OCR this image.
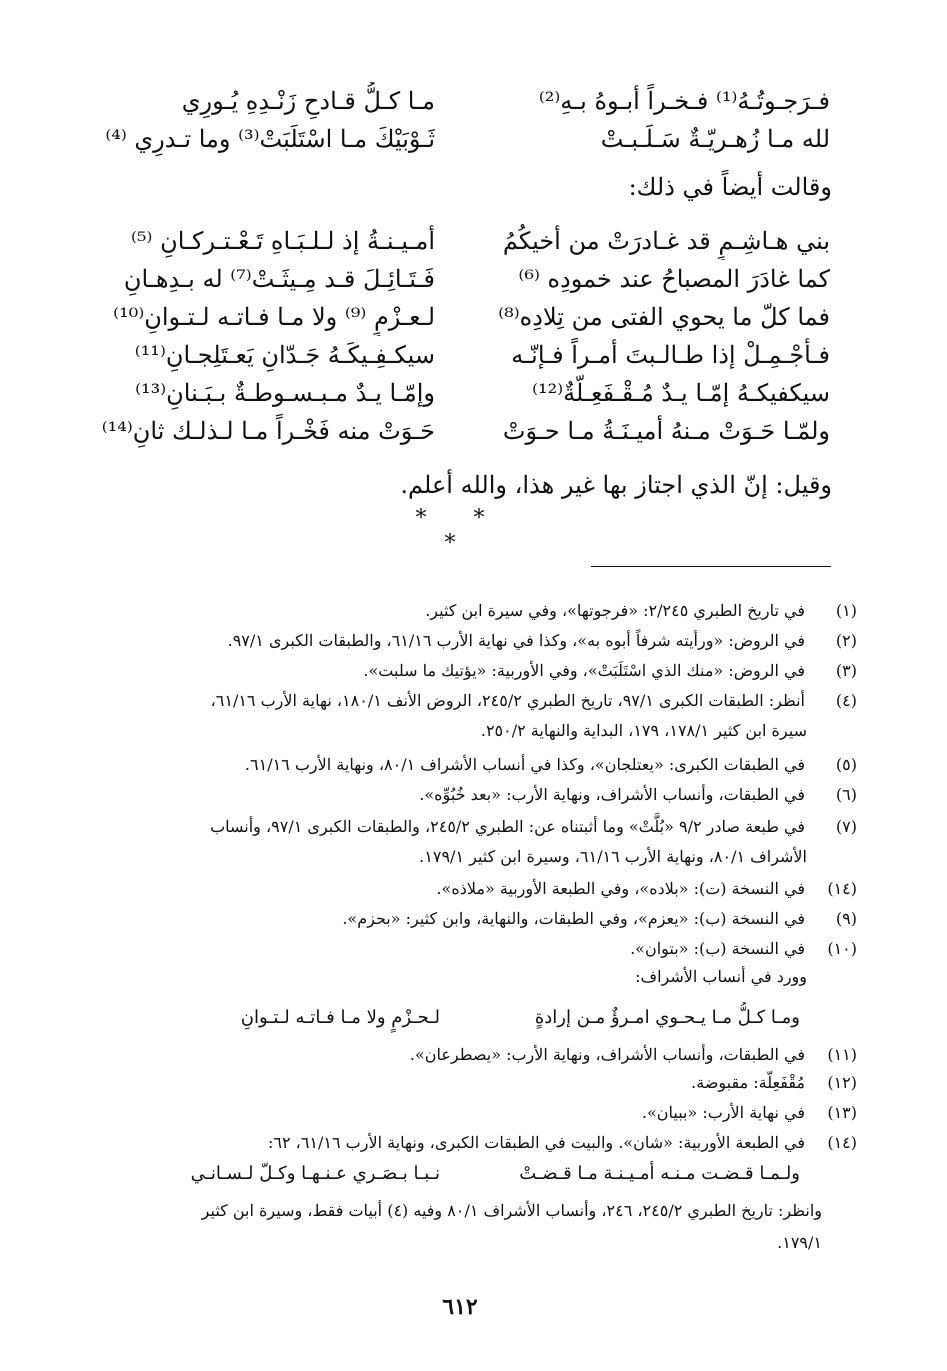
فـرَجـوتُـهُ⁽¹⁾ فـخـراً أبـوهُ بـهِ⁽²⁾
مـا كـلُّ قـادحِ زَنْـدِهِ يُـورِي
لله مـا زُهـريّـةٌ سَـلَـبـتْ
ثَـوْبَيْكَ مـا اسْتَلَبَتْ⁽³⁾ وما تـدرِي ⁽⁴⁾
وقالت أيضاً في ذلك:
بني هـاشِـمٍ قد غـادرَتْ من أخيكُمُ
أمـيـنـةُ إذ لـلـبَـاهِ تَـعْـتـركـانِ ⁽⁵⁾
كما غادَرَ المصباحُ عند خمودِه ⁽⁶⁾
فَـتَـائِـلَ قـد مِـيثَـتْ⁽⁷⁾ له بـدِهـانِ
فما كلّ ما يحوي الفتى من تِلادِه⁽⁸⁾
لـعـزْمٍ ⁽⁹⁾ ولا مـا فـاتـه لـتـوانِ⁽¹⁰⁾
فـأجْـمِـلْ إذا طـالـبتَ أمـراً فـإنّـه
سيكـفِـيكَـهُ جَـدّانِ يَعـتَلِجـانِ⁽¹¹⁾
سيكفيكـهُ إمّـا يـدٌ مُـقْـفَعِـلّةٌ⁽¹²⁾
وإمّـا يـدٌ مـبـسـوطـةٌ بـبَـنانِ⁽¹³⁾
ولمّـا حَـوَتْ مـنهُ أميـنَـةُ مـا حـوَتْ
حَـوَتْ منه فَخْـراً مـا لـذلـك ثانِ⁽¹⁴⁾
وقيل: إنّ الذي اجتاز بها غير هذا، والله أعلم.
* * *
(١)في تاريخ الطبري ٢/٢٤٥: «فرجوتها»، وفي سيرة ابن كثير.
(٢)في الروض: «ورأيته شرفاً أبوه به»، وكذا في نهاية الأرب ٦١/١٦، والطبقات الكبرى ٩٧/١.
(٣)في الروض: «منك الذي اسْتَلَبَتْ»، وفي الأوربية: «يؤتيك ما سلبت».
(٤)أنظر: الطبقات الكبرى ٩٧/١، تاريخ الطبري ٢٤٥/٢، الروض الأنف ١٨٠/١، نهاية الأرب ٦١/١٦،
سيرة ابن كثير ١٧٨/١، ١٧٩، البداية والنهاية ٢٥٠/٢.
(٥)في الطبقات الكبرى: «يعتلجان»، وكذا في أنساب الأشراف ٨٠/١، ونهاية الأرب ٦١/١٦.
(٦)في الطبقات، وأنساب الأشراف، ونهاية الأرب: «بعد خُبُوِّه».
(٧)في طبعة صادر ٩/٢ «بُلَّتْ» وما أثبتناه عن: الطبري ٢٤٥/٢، والطبقات الكبرى ٩٧/١، وأنساب
الأشراف ٨٠/١، ونهاية الأرب ٦١/١٦، وسيرة ابن كثير ١٧٩/١.
(١٤)في النسخة (ت): «بلاده»، وفي الطبعة الأوربية «ملاذه».
(٩)في النسخة (ب): «يعزم»، وفي الطبقات، والنهاية، وابن كثير: «بحزم».
(١٠)في النسخة (ب): «بتوان».
وورد في أنساب الأشراف:
ومـا كـلُّ مـا يـحـوي امـرؤٌ مـن إرادةٍ
لـحـزْمٍ ولا مـا فـاتـه لـتـوانِ
(١١)في الطبقات، وأنساب الأشراف، ونهاية الأرب: «يصطرعان».
(١٢)مُقْفَعِلّة: مقبوضة.
(١٣)في نهاية الأرب: «ببيان».
(١٤)في الطبعة الأوربية: «شان». والبيت في الطبقات الكبرى، ونهاية الأرب ٦١/١٦، ٦٢:
ولـمـا قـضـت مـنـه أمـيـنـة مـا قـضـتْ
نـبـا بـصَـري عـنـهـا وكـلّ لـسـانـي
وانظر: تاريخ الطبري ٢٤٥/٢، ٢٤٦، وأنساب الأشراف ٨٠/١ وفيه (٤) أبيات فقط، وسيرة ابن كثير
١٧٩/١.
٦١٢
